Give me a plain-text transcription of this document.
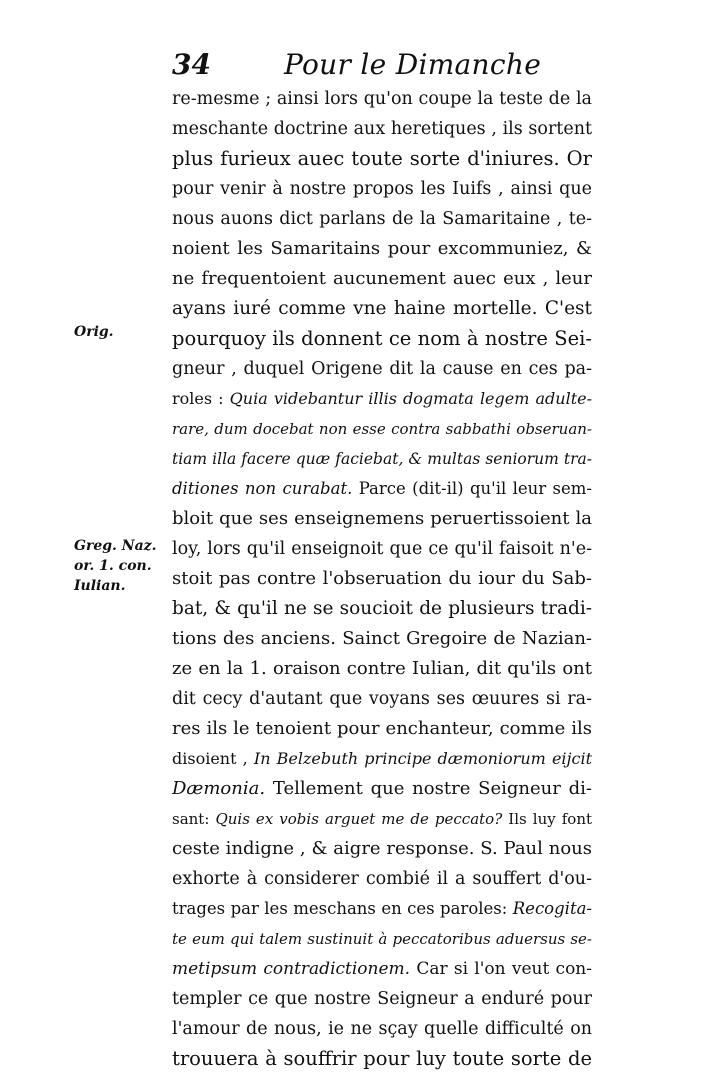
34	Pour le Dimanche
Orig.
Greg. Naz.
or. 1. con.
Iulian.
re-mesme ; ainsi lors qu'on coupe la teste de la
meschante doctrine aux heretiques , ils sortent
plus furieux auec toute sorte d'iniures. Or
pour venir à nostre propos les Iuifs , ainsi que
nous auons dict parlans de la Samaritaine , te-
noient les Samaritains pour excommuniez, &
ne frequentoient aucunement auec eux , leur
ayans iuré comme vne haine mortelle. C'est
pourquoy ils donnent ce nom à nostre Sei-
gneur , duquel Origene dit la cause en ces pa-
roles : Quia videbantur illis dogmata legem adulte-
rare, dum docebat non esse contra sabbathi obseruan-
tiam illa facere quæ faciebat, & multas seniorum tra-
ditiones non curabat. Parce (dit-il) qu'il leur sem-
bloit que ses enseignemens peruertissoient la
loy, lors qu'il enseignoit que ce qu'il faisoit n'e-
stoit pas contre l'obseruation du iour du Sab-
bat, & qu'il ne se soucioit de plusieurs tradi-
tions des anciens. Sainct Gregoire de Nazian-
ze en la 1. oraison contre Iulian, dit qu'ils ont
dit cecy d'autant que voyans ses œuures si ra-
res ils le tenoient pour enchanteur, comme ils
disoient , In Belzebuth principe dæmoniorum eijcit
Dæmonia. Tellement que nostre Seigneur di-
sant: Quis ex vobis arguet me de peccato? Ils luy font
ceste indigne , & aigre response. S. Paul nous
exhorte à considerer combié il a souffert d'ou-
trages par les meschans en ces paroles: Recogita-
te eum qui talem sustinuit à peccatoribus aduersus se-
metipsum contradictionem. Car si l'on veut con-
templer ce que nostre Seigneur a enduré pour
l'amour de nous, ie ne sçay quelle difficulté on
trouuera à souffrir pour luy toute sorte de
